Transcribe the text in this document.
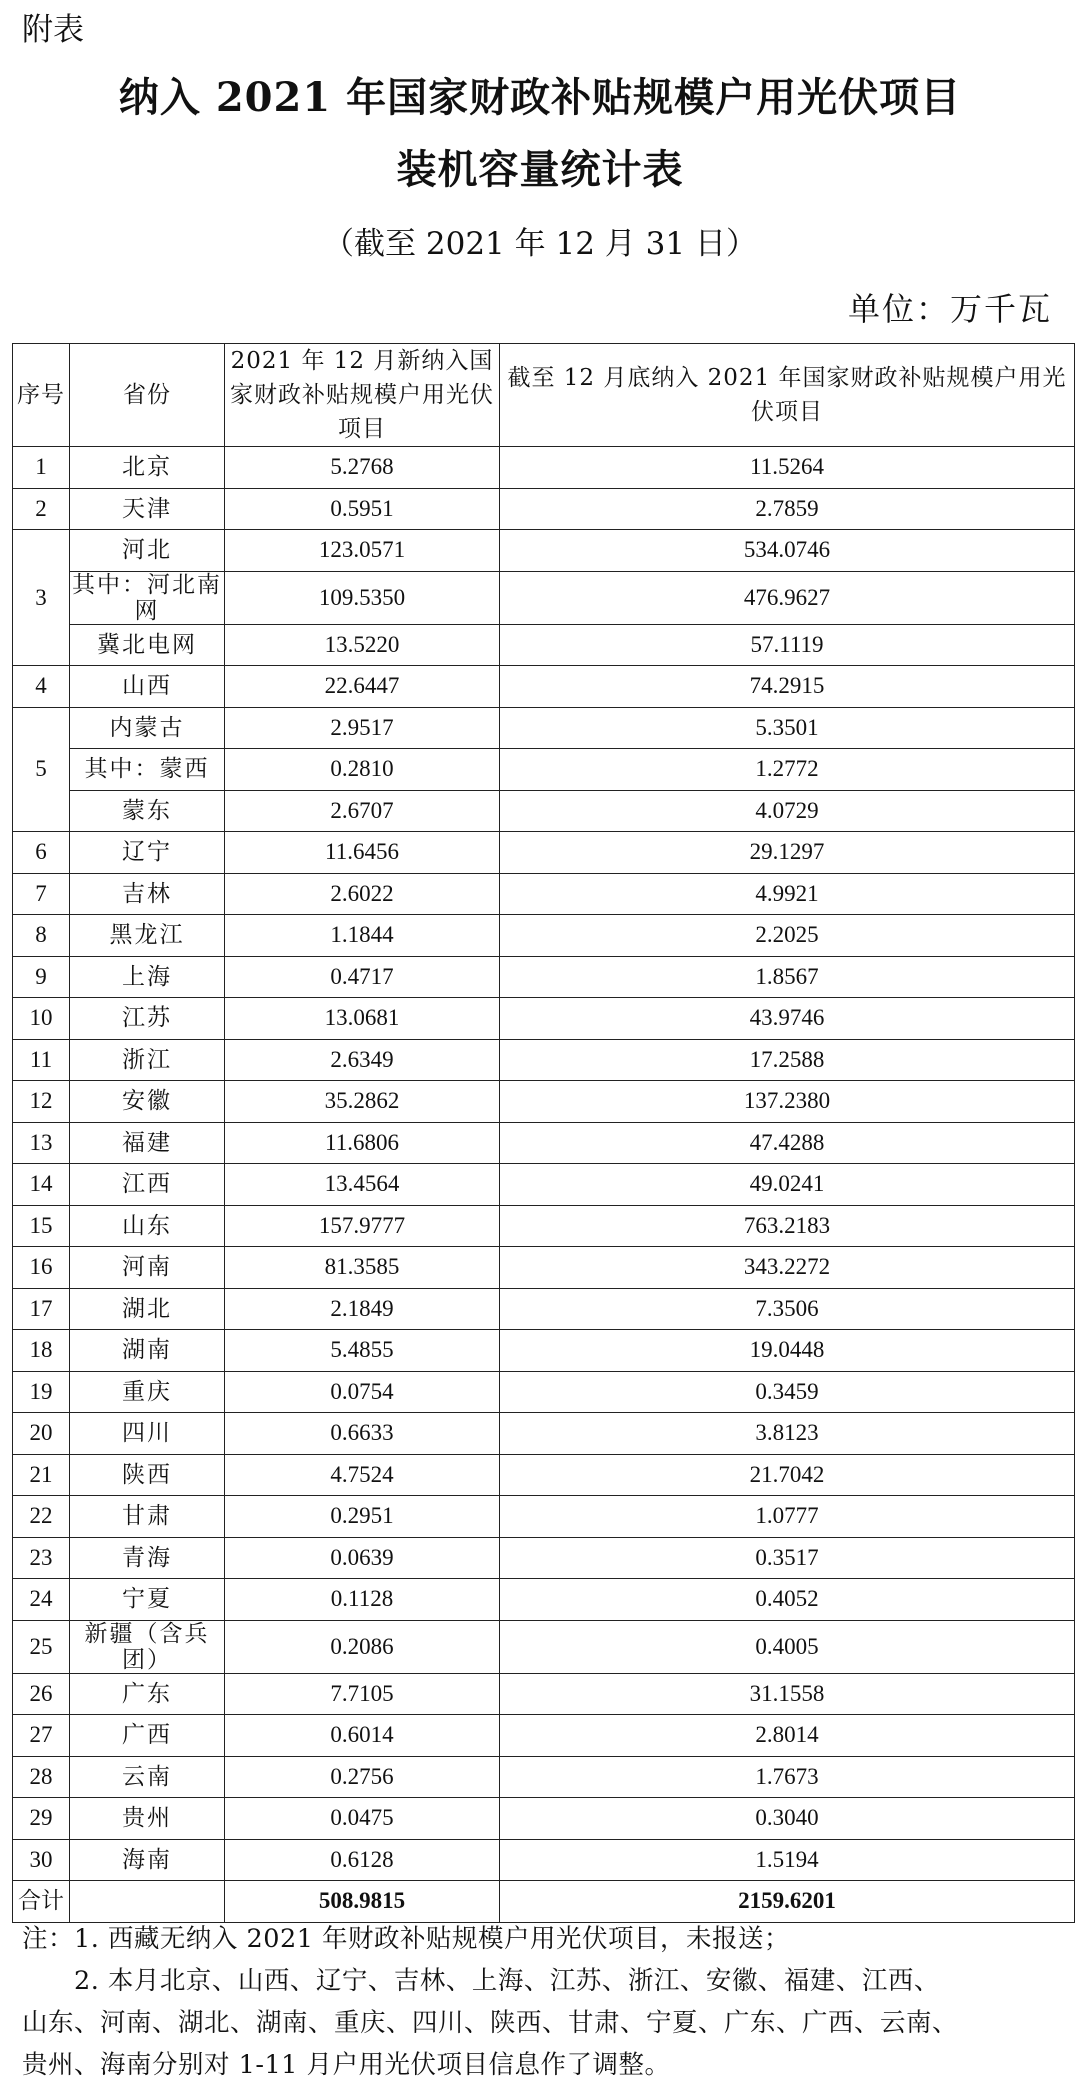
附表
纳入 2021 年国家财政补贴规模户用光伏项目
装机容量统计表
（截至 2021 年 12 月 31 日）
单位：万千瓦
序号	省份	2021 年 12 月新纳入国家财政补贴规模户用光伏项目	截至 12 月底纳入 2021 年国家财政补贴规模户用光伏项目
1	北京	5.2768	11.5264
2	天津	0.5951	2.7859
3	河北	123.0571	534.0746
	其中：河北南网	109.5350	476.9627
	冀北电网	13.5220	57.1119
4	山西	22.6447	74.2915
5	内蒙古	2.9517	5.3501
	其中：蒙西	0.2810	1.2772
	蒙东	2.6707	4.0729
6	辽宁	11.6456	29.1297
7	吉林	2.6022	4.9921
8	黑龙江	1.1844	2.2025
9	上海	0.4717	1.8567
10	江苏	13.0681	43.9746
11	浙江	2.6349	17.2588
12	安徽	35.2862	137.2380
13	福建	11.6806	47.4288
14	江西	13.4564	49.0241
15	山东	157.9777	763.2183
16	河南	81.3585	343.2272
17	湖北	2.1849	7.3506
18	湖南	5.4855	19.0448
19	重庆	0.0754	0.3459
20	四川	0.6633	3.8123
21	陕西	4.7524	21.7042
22	甘肃	0.2951	1.0777
23	青海	0.0639	0.3517
24	宁夏	0.1128	0.4052
25	新疆（含兵团）	0.2086	0.4005
26	广东	7.7105	31.1558
27	广西	0.6014	2.8014
28	云南	0.2756	1.7673
29	贵州	0.0475	0.3040
30	海南	0.6128	1.5194
合计		508.9815	2159.6201

注：1. 西藏无纳入 2021 年财政补贴规模户用光伏项目，未报送；

2. 本月北京、山西、辽宁、吉林、上海、江苏、浙江、安徽、福建、江西、

山东、河南、湖北、湖南、重庆、四川、陕西、甘肃、宁夏、广东、广西、云南、

贵州、海南分别对 1-11 月户用光伏项目信息作了调整。
